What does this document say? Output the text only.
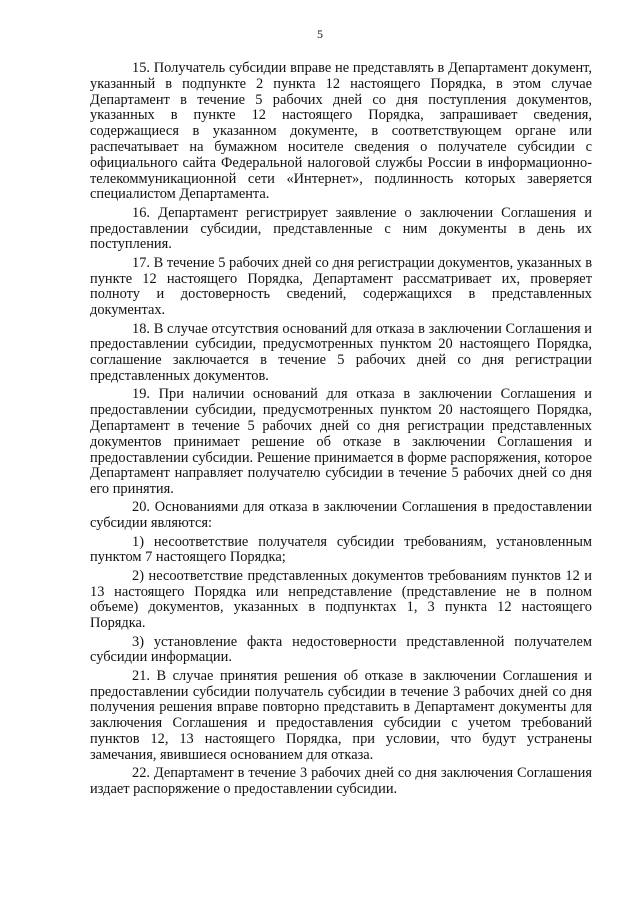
5

15. Получатель субсидии вправе не представлять в Департамент документ, указанный в подпункте 2 пункта 12 настоящего Порядка, в этом случае Департамент в течение 5 рабочих дней со дня поступления документов, указанных в пункте 12 настоящего Порядка, запрашивает сведения, содержащиеся в указанном документе, в соответствующем органе или распечатывает на бумажном носителе сведения о получателе субсидии с официального сайта Федеральной налоговой службы России в информационно-телекоммуникационной сети «Интернет», подлинность которых заверяется специалистом Департамента.

16. Департамент регистрирует заявление о заключении Соглашения и предоставлении субсидии, представленные с ним документы в день их поступления.

17. В течение 5 рабочих дней со дня регистрации документов, указанных в пункте 12 настоящего Порядка, Департамент рассматривает их, проверяет полноту и достоверность сведений, содержащихся в представленных документах.

18. В случае отсутствия оснований для отказа в заключении Соглашения и предоставлении субсидии, предусмотренных пунктом 20 настоящего Порядка, соглашение заключается в течение 5 рабочих дней со дня регистрации представленных документов.

19. При наличии оснований для отказа в заключении Соглашения и предоставлении субсидии, предусмотренных пунктом 20 настоящего Порядка, Департамент в течение 5 рабочих дней со дня регистрации представленных документов принимает решение об отказе в заключении Соглашения и предоставлении субсидии. Решение принимается в форме распоряжения, которое Департамент направляет получателю субсидии в течение 5 рабочих дней со дня его принятия.

20. Основаниями для отказа в заключении Соглашения в предоставлении субсидии являются:

1) несоответствие получателя субсидии требованиям, установленным пунктом 7 настоящего Порядка;

2) несоответствие представленных документов требованиям пунктов 12 и 13 настоящего Порядка или непредставление (представление не в полном объеме) документов, указанных в подпунктах 1, 3 пункта 12 настоящего Порядка.

3) установление факта недостоверности представленной получателем субсидии информации.

21. В случае принятия решения об отказе в заключении Соглашения и предоставлении субсидии получатель субсидии в течение 3 рабочих дней со дня получения решения вправе повторно представить в Департамент документы для заключения Соглашения и предоставления субсидии с учетом требований пунктов 12, 13 настоящего Порядка, при условии, что будут устранены замечания, явившиеся основанием для отказа.

22. Департамент в течение 3 рабочих дней со дня заключения Соглашения издает распоряжение о предоставлении субсидии.
